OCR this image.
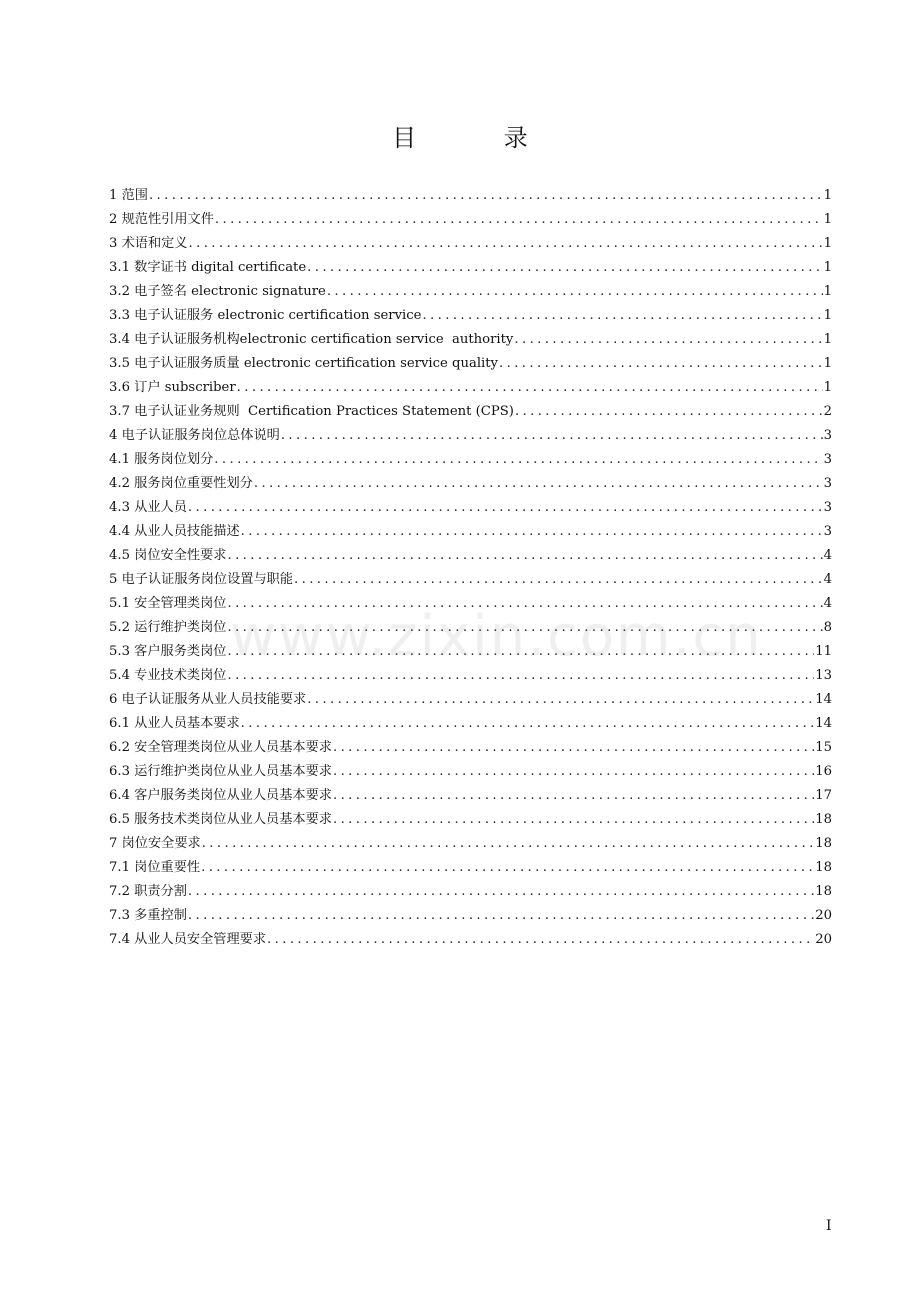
目 录
1 范围 .....	1
2 规范性引用文件 .....	1
3 术语和定义 .....	1
3.1 数字证书 digital certificate .....	1
3.2 电子签名 electronic signature .....	1
3.3 电子认证服务 electronic certification service .....	1
3.4 电子认证服务机构electronic certification service  authority .....	1
3.5 电子认证服务质量 electronic certification service quality .....	1
3.6 订户 subscriber .....	1
3.7 电子认证业务规则  Certification Practices Statement (CPS) .....	2
4 电子认证服务岗位总体说明 .....	3
4.1 服务岗位划分 .....	3
4.2 服务岗位重要性划分 .....	3
4.3 从业人员 .....	3
4.4 从业人员技能描述 .....	3
4.5 岗位安全性要求 .....	4
5 电子认证服务岗位设置与职能 .....	4
5.1 安全管理类岗位 .....	4
5.2 运行维护类岗位 .....	8
5.3 客户服务类岗位 .....	11
5.4 专业技术类岗位 .....	13
6 电子认证服务从业人员技能要求 .....	14
6.1 从业人员基本要求 .....	14
6.2 安全管理类岗位从业人员基本要求 .....	15
6.3 运行维护类岗位从业人员基本要求 .....	16
6.4 客户服务类岗位从业人员基本要求 .....	17
6.5 服务技术类岗位从业人员基本要求 .....	18
7 岗位安全要求 .....	18
7.1 岗位重要性 .....	18
7.2 职责分割 .....	18
7.3 多重控制 .....	20
7.4 从业人员安全管理要求 .....	20
www.zixin.com.cn
I
